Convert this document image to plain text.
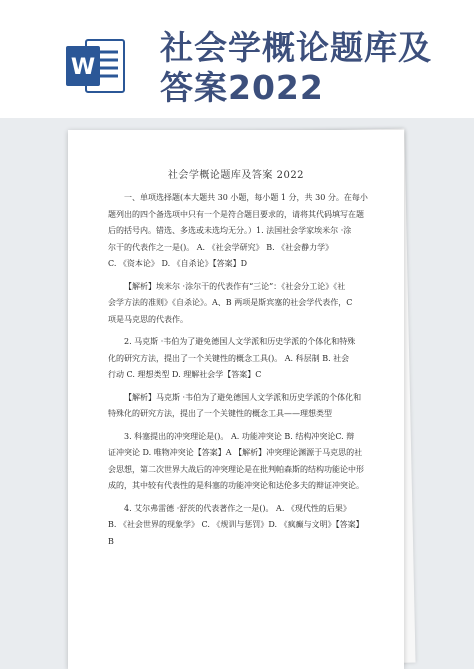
W
社会学概论题库及答案2022
社会学概论题库及答案 2022

一、单项选择题(本大题共 30 小题，每小题 1 分，共 30 分。在每小
题列出的四个备选项中只有一个是符合题目要求的，请将其代码填写在题
后的括号内。错选、多选或未选均无分。）1. 法国社会学家埃米尔 ·涂
尔干的代表作之一是()。 A. 《社会学研究》 B. 《社会静力学》
C. 《资本论》 D. 《自杀论》【答案】D

【解析】埃米尔 ·涂尔干的代表作有“三论”：《社会分工论》《社
会学方法的准则》《自杀论》。A、B 两项是斯宾塞的社会学代表作，C
项是马克思的代表作。

2. 马克斯 ·韦伯为了避免德国人文学派和历史学派的个体化和特殊
化的研究方法，提出了一个关键性的概念工具()。 A. 科层制 B. 社会
行动 C. 理想类型 D. 理解社会学【答案】C

【解析】马克斯 ·韦伯为了避免德国人文学派和历史学派的个体化和
特殊化的研究方法，提出了一个关键性的概念工具——理想类型

3. 科塞提出的冲突理论是()。 A. 功能冲突论 B. 结构冲突论C. 辩
证冲突论 D. 唯物冲突论【答案】A 【解析】冲突理论渊源于马克思的社
会思想，第二次世界大战后的冲突理论是在批判帕森斯的结构功能论中形
成的，其中较有代表性的是科塞的功能冲突论和达伦多夫的辩证冲突论。

4. 艾尔弗雷德 ·舒茨的代表著作之一是()。 A. 《现代性的后果》
B. 《社会世界的现象学》 C. 《规训与惩罚》D. 《疯癫与文明》【答案】
B
